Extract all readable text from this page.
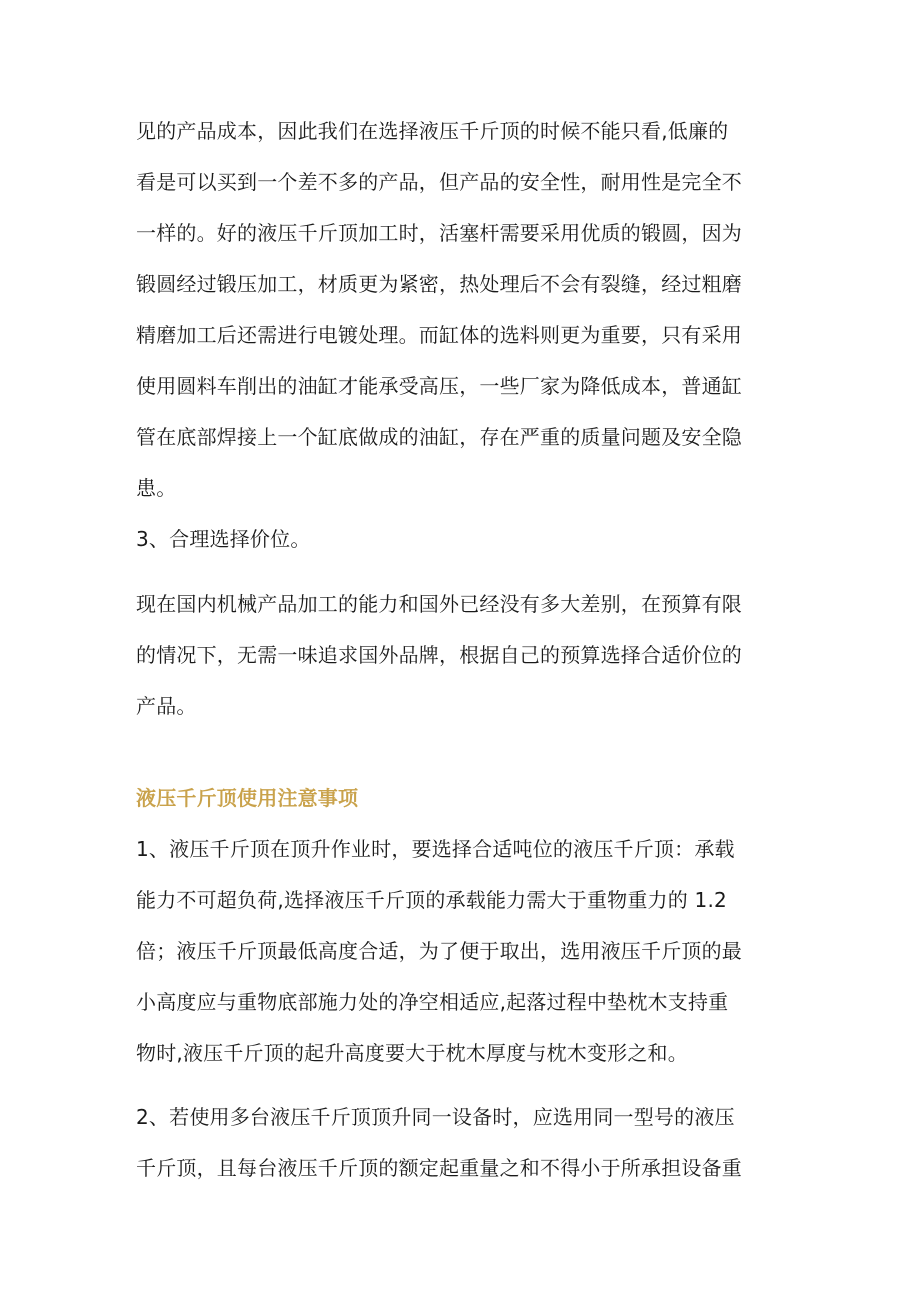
见的产品成本，因此我们在选择液压千斤顶的时候不能只看,低廉的
看是可以买到一个差不多的产品，但产品的安全性，耐用性是完全不
一样的。好的液压千斤顶加工时，活塞杆需要采用优质的锻圆，因为
锻圆经过锻压加工，材质更为紧密，热处理后不会有裂缝，经过粗磨
精磨加工后还需进行电镀处理。而缸体的选料则更为重要，只有采用
使用圆料车削出的油缸才能承受高压，一些厂家为降低成本，普通缸
管在底部焊接上一个缸底做成的油缸，存在严重的质量问题及安全隐
患。
3、合理选择价位。
现在国内机械产品加工的能力和国外已经没有多大差别，在预算有限
的情况下，无需一味追求国外品牌，根据自己的预算选择合适价位的
产品。
液压千斤顶使用注意事项
1、液压千斤顶在顶升作业时，要选择合适吨位的液压千斤顶：承载
能力不可超负荷,选择液压千斤顶的承载能力需大于重物重力的 1.2
倍；液压千斤顶最低高度合适，为了便于取出，选用液压千斤顶的最
小高度应与重物底部施力处的净空相适应,起落过程中垫枕木支持重
物时,液压千斤顶的起升高度要大于枕木厚度与枕木变形之和。
2、若使用多台液压千斤顶顶升同一设备时，应选用同一型号的液压
千斤顶，且每台液压千斤顶的额定起重量之和不得小于所承担设备重
